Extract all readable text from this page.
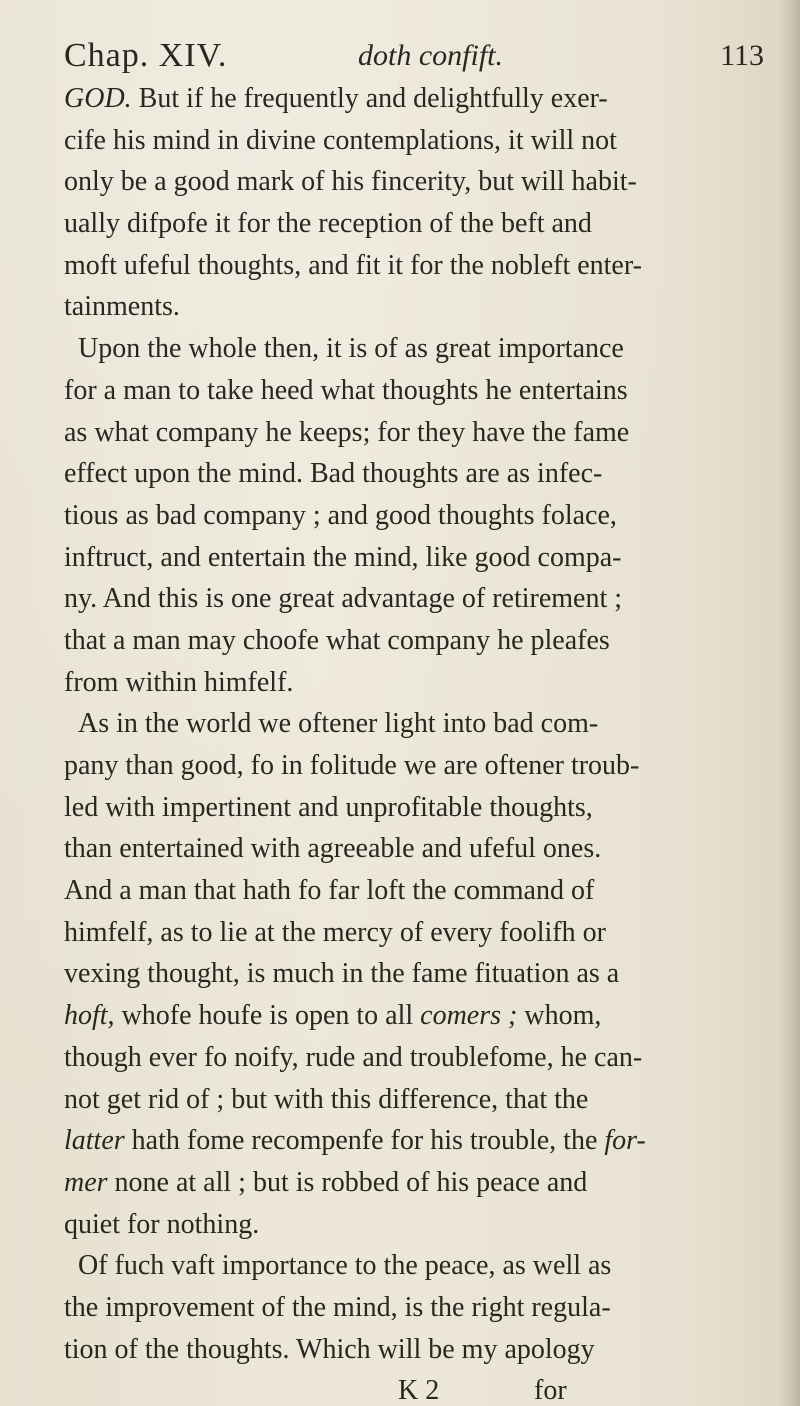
Chap. XIV.	doth confift.	113
GOD. But if he frequently and delightfully exer-
cife his mind in divine contemplations, it will not
only be a good mark of his fincerity, but will habit-
ually difpofe it for the reception of the beft and
moft ufeful thoughts, and fit it for the nobleft enter-
tainments.
Upon the whole then, it is of as great importance
for a man to take heed what thoughts he entertains
as what company he keeps; for they have the fame
effect upon the mind. Bad thoughts are as infec-
tious as bad company ; and good thoughts folace,
inftruct, and entertain the mind, like good compa-
ny. And this is one great advantage of retirement ;
that a man may choofe what company he pleafes
from within himfelf.
As in the world we oftener light into bad com-
pany than good, fo in folitude we are oftener troub-
led with impertinent and unprofitable thoughts,
than entertained with agreeable and ufeful ones.
And a man that hath fo far loft the command of
himfelf, as to lie at the mercy of every foolifh or
vexing thought, is much in the fame fituation as a
hoft, whofe houfe is open to all comers ; whom,
though ever fo noify, rude and troublefome, he can-
not get rid of ; but with this difference, that the
latter hath fome recompenfe for his trouble, the for-
mer none at all ; but is robbed of his peace and
quiet for nothing.
Of fuch vaft importance to the peace, as well as
the improvement of the mind, is the right regula-
tion of the thoughts. Which will be my apology
K 2	for
